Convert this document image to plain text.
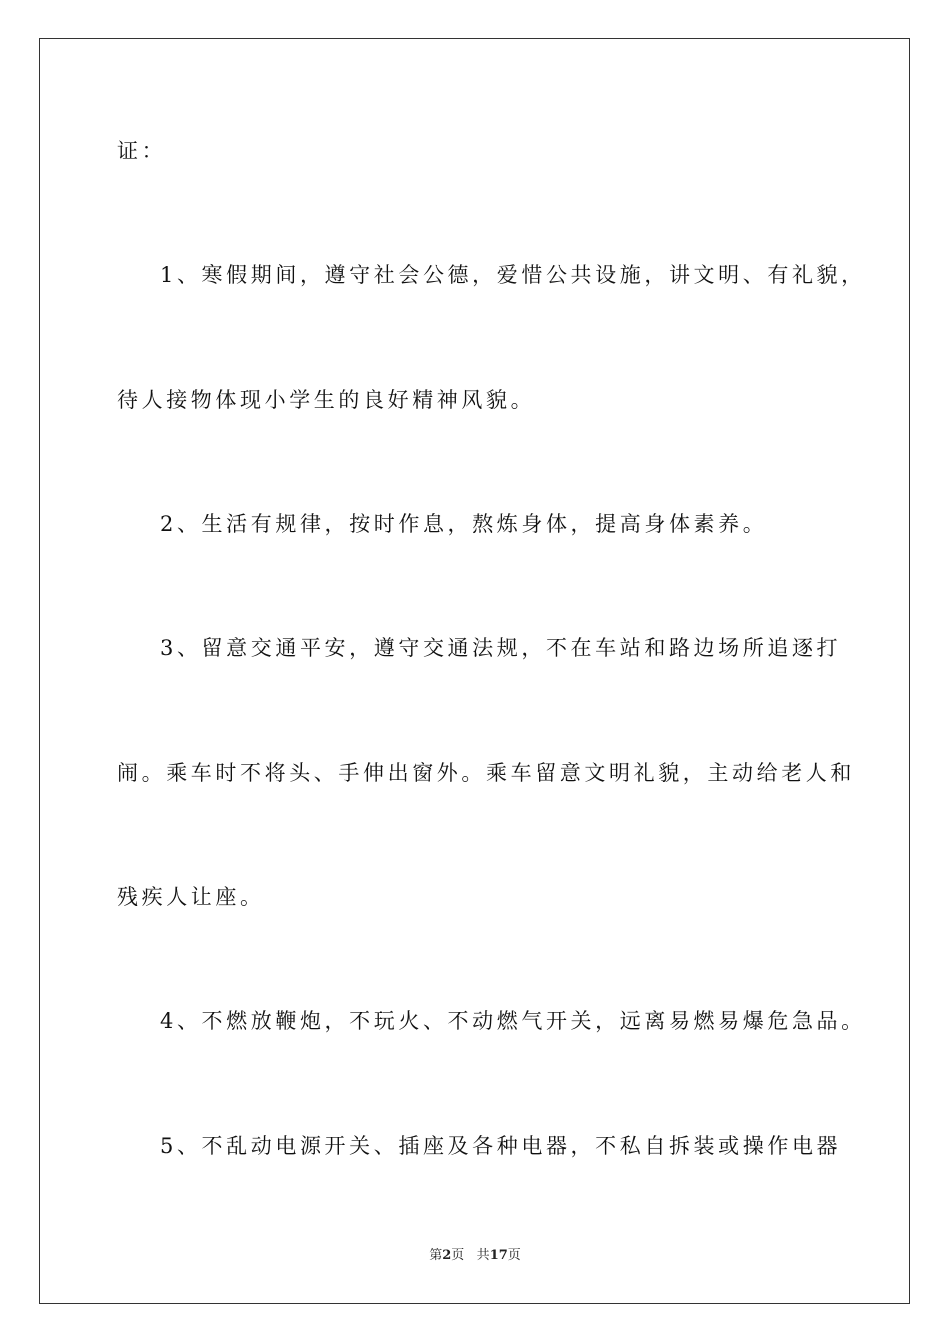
证：
1、寒假期间，遵守社会公德，爱惜公共设施，讲文明、有礼貌，
待人接物体现小学生的良好精神风貌。
2、生活有规律，按时作息，熬炼身体，提高身体素养。
3、留意交通平安，遵守交通法规，不在车站和路边场所追逐打
闹。乘车时不将头、手伸出窗外。乘车留意文明礼貌，主动给老人和
残疾人让座。
4、不燃放鞭炮，不玩火、不动燃气开关，远离易燃易爆危急品。
5、不乱动电源开关、插座及各种电器，不私自拆装或操作电器
第2页 共17页
